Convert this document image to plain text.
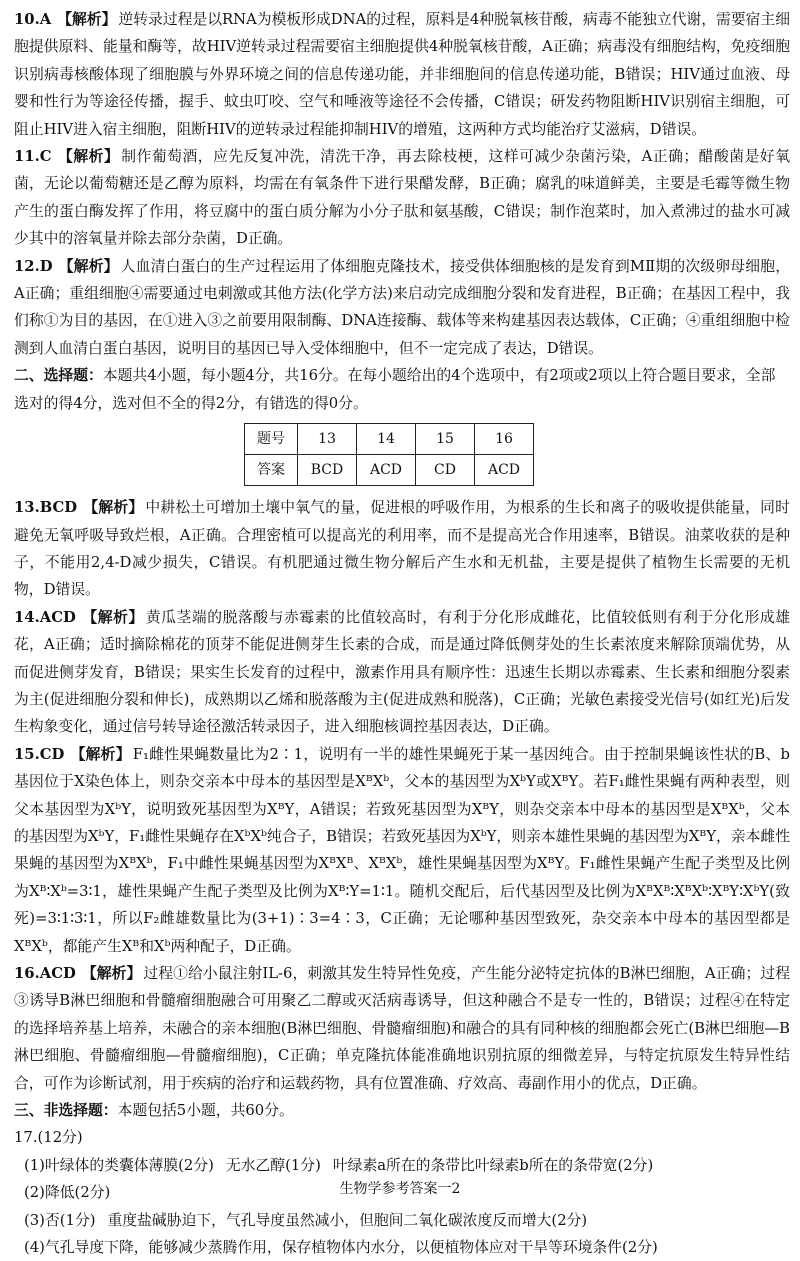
10.A 【解析】 逆转录过程是以RNA为模板形成DNA的过程，原料是4种脱氧核苷酸，病毒不能独立代谢，需要宿主细胞提供原料、能量和酶等，故HIV逆转录过程需要宿主细胞提供4种脱氧核苷酸，A正确；病毒没有细胞结构，免疫细胞识别病毒核酸体现了细胞膜与外界环境之间的信息传递功能，并非细胞间的信息传递功能，B错误；HIV通过血液、母婴和性行为等途径传播，握手、蚊虫叮咬、空气和唾液等途径不会传播，C错误；研发药物阻断HIV识别宿主细胞，可阻止HIV进入宿主细胞，阻断HIV的逆转录过程能抑制HIV的增殖，这两种方式均能治疗艾滋病，D错误。

11.C 【解析】 制作葡萄酒，应先反复冲洗，清洗干净，再去除枝梗，这样可减少杂菌污染，A正确；醋酸菌是好氧菌，无论以葡萄糖还是乙醇为原料，均需在有氧条件下进行果醋发酵，B正确；腐乳的味道鲜美，主要是毛霉等微生物产生的蛋白酶发挥了作用，将豆腐中的蛋白质分解为小分子肽和氨基酸，C错误；制作泡菜时，加入煮沸过的盐水可减少其中的溶氧量并除去部分杂菌，D正确。

12.D 【解析】 人血清白蛋白的生产过程运用了体细胞克隆技术，接受供体细胞核的是发育到MⅡ期的次级卵母细胞，A正确；重组细胞④需要通过电刺激或其他方法(化学方法)来启动完成细胞分裂和发育进程，B正确；在基因工程中，我们称①为目的基因，在①进入③之前要用限制酶、DNA连接酶、载体等来构建基因表达载体，C正确；④重组细胞中检测到人血清白蛋白基因，说明目的基因已导入受体细胞中，但不一定完成了表达，D错误。

二、选择题：本题共4小题，每小题4分，共16分。在每小题给出的4个选项中，有2项或2项以上符合题目要求，全部选对的得4分，选对但不全的得2分，有错选的得0分。

题号	13	14	15	16
答案	BCD	ACD	CD	ACD

13.BCD 【解析】 中耕松土可增加土壤中氧气的量，促进根的呼吸作用，为根系的生长和离子的吸收提供能量，同时避免无氧呼吸导致烂根，A正确。合理密植可以提高光的利用率，而不是提高光合作用速率，B错误。油菜收获的是种子，不能用2,4-D减少损失，C错误。有机肥通过微生物分解后产生水和无机盐，主要是提供了植物生长需要的无机物，D错误。

14.ACD 【解析】 黄瓜茎端的脱落酸与赤霉素的比值较高时，有利于分化形成雌花，比值较低则有利于分化形成雄花，A正确；适时摘除棉花的顶芽不能促进侧芽生长素的合成，而是通过降低侧芽处的生长素浓度来解除顶端优势，从而促进侧芽发育，B错误；果实生长发育的过程中，激素作用具有顺序性：迅速生长期以赤霉素、生长素和细胞分裂素为主(促进细胞分裂和伸长)，成熟期以乙烯和脱落酸为主(促进成熟和脱落)，C正确；光敏色素接受光信号(如红光)后发生构象变化，通过信号转导途径激活转录因子，进入细胞核调控基因表达，D正确。

15.CD 【解析】 F₁雌性果蝇数量比为2∶1，说明有一半的雄性果蝇死于某一基因纯合。由于控制果蝇该性状的B、b基因位于X染色体上，则杂交亲本中母本的基因型是XᴮXᵇ，父本的基因型为XᵇY或XᴮY。若F₁雌性果蝇有两种表型，则父本基因型为XᵇY，说明致死基因型为XᴮY，A错误；若致死基因型为XᴮY，则杂交亲本中母本的基因型是XᴮXᵇ，父本的基因型为XᵇY，F₁雌性果蝇存在XᵇXᵇ纯合子，B错误；若致死基因为XᵇY，则亲本雄性果蝇的基因型为XᴮY，亲本雌性果蝇的基因型为XᴮXᵇ，F₁中雌性果蝇基因型为XᴮXᴮ、XᴮXᵇ，雄性果蝇基因型为XᴮY。F₁雌性果蝇产生配子类型及比例为Xᴮ∶Xᵇ=3∶1，雄性果蝇产生配子类型及比例为Xᴮ∶Y=1∶1。随机交配后，后代基因型及比例为XᴮXᴮ∶XᴮXᵇ∶XᴮY∶XᵇY(致死)=3∶1∶3∶1，所以F₂雌雄数量比为(3+1)∶3=4∶3，C正确；无论哪种基因型致死，杂交亲本中母本的基因型都是XᴮXᵇ，都能产生Xᴮ和Xᵇ两种配子，D正确。

16.ACD 【解析】 过程①给小鼠注射IL-6，刺激其发生特异性免疫，产生能分泌特定抗体的B淋巴细胞，A正确；过程③诱导B淋巴细胞和骨髓瘤细胞融合可用聚乙二醇或灭活病毒诱导，但这种融合不是专一性的，B错误；过程④在特定的选择培养基上培养，未融合的亲本细胞(B淋巴细胞、骨髓瘤细胞)和融合的具有同种核的细胞都会死亡(B淋巴细胞—B淋巴细胞、骨髓瘤细胞—骨髓瘤细胞)，C正确；单克隆抗体能准确地识别抗原的细微差异，与特定抗原发生特异性结合，可作为诊断试剂，用于疾病的治疗和运载药物，具有位置准确、疗效高、毒副作用小的优点，D正确。

三、非选择题：本题包括5小题，共60分。

17.(12分)

(1)叶绿体的类囊体薄膜(2分) 无水乙醇(1分) 叶绿素a所在的条带比叶绿素b所在的条带宽(2分)

(2)降低(2分)

(3)否(1分) 重度盐碱胁迫下，气孔导度虽然减小，但胞间二氧化碳浓度反而增大(2分)

(4)气孔导度下降，能够减少蒸腾作用，保存植物体内水分，以便植物体应对干旱等环境条件(2分)

生物学参考答案一2
